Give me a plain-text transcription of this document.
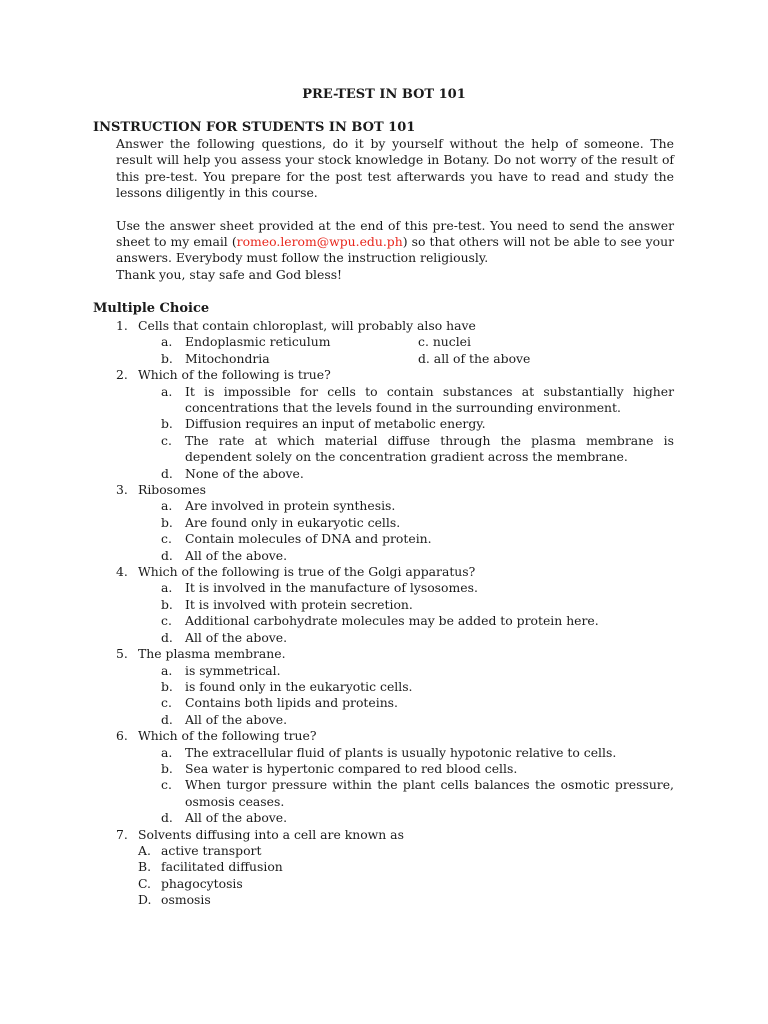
PRE-TEST IN BOT 101
INSTRUCTION FOR STUDENTS IN BOT 101

Answer the following questions, do it by yourself without the help of someone. The result will help you assess your stock knowledge in Botany. Do not worry of the result of this pre-test. You prepare for the post test afterwards you have to read and study the lessons diligently in this course.

Use the answer sheet provided at the end of this pre-test. You need to send the answer sheet to my email (romeo.lerom@wpu.edu.ph) so that others will not be able to see your answers. Everybody must follow the instruction religiously.

Thank you, stay safe and God bless!

Multiple Choice
1. Cells that contain chloroplast, will probably also have
a. Endoplasmic reticulum	c. nuclei
b. Mitochondria	d. all of the above
2. Which of the following is true?
a. It is impossible for cells to contain substances at substantially higher concentrations that the levels found in the surrounding environment.
b. Diffusion requires an input of metabolic energy.
c. The rate at which material diffuse through the plasma membrane is dependent solely on the concentration gradient across the membrane.
d. None of the above.
3. Ribosomes
a. Are involved in protein synthesis.
b. Are found only in eukaryotic cells.
c. Contain molecules of DNA and protein.
d. All of the above.
4. Which of the following is true of the Golgi apparatus?
a. It is involved in the manufacture of lysosomes.
b. It is involved with protein secretion.
c. Additional carbohydrate molecules may be added to protein here.
d. All of the above.
5. The plasma membrane.
a. is symmetrical.
b. is found only in the eukaryotic cells.
c. Contains both lipids and proteins.
d. All of the above.
6. Which of the following true?
a. The extracellular fluid of plants is usually hypotonic relative to cells.
b. Sea water is hypertonic compared to red blood cells.
c. When turgor pressure within the plant cells balances the osmotic pressure, osmosis ceases.
d. All of the above.
7. Solvents diffusing into a cell are known as
A. active transport
B. facilitated diffusion
C. phagocytosis
D. osmosis
